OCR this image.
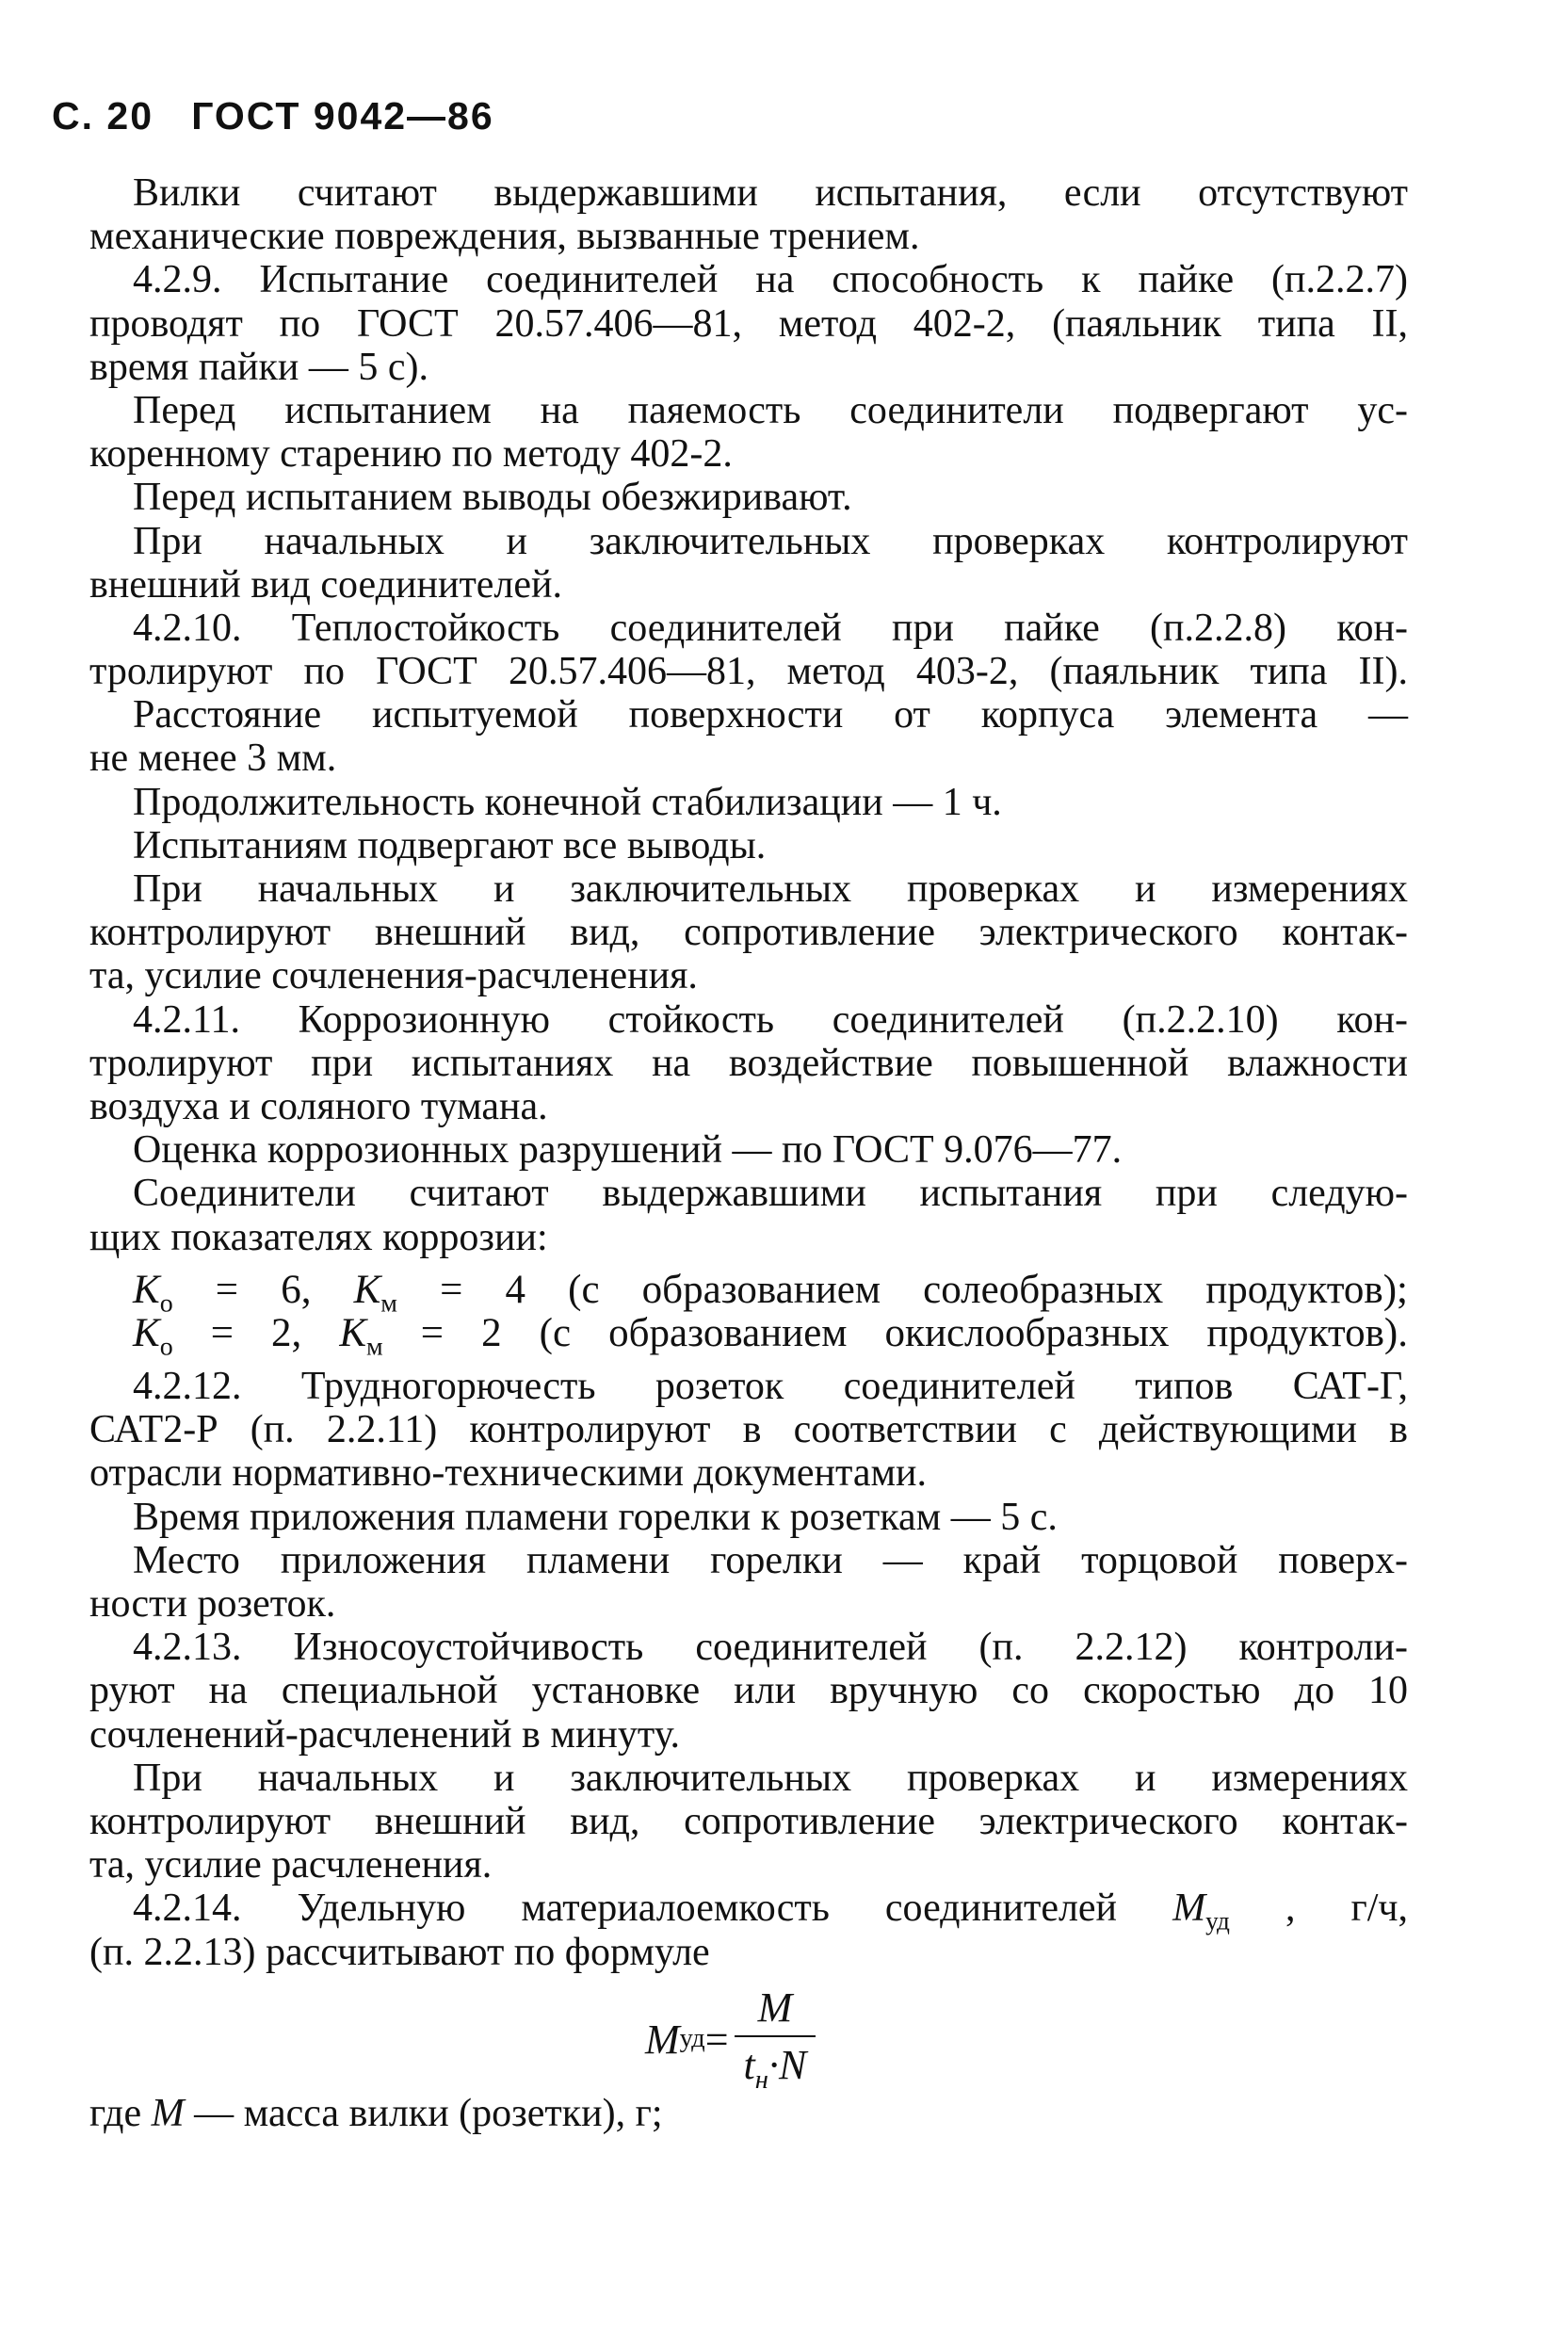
С. 20 ГОСТ 9042—86
Вилки считают выдержавшими испытания, если отсутствуют
механические повреждения, вызванные трением.
4.2.9. Испытание соединителей на способность к пайке (п.2.2.7)
проводят по ГОСТ 20.57.406—81, метод 402-2, (паяльник типа II,
время пайки — 5 с).
Перед испытанием на паяемость соединители подвергают ус-
коренному старению по методу 402-2.
Перед испытанием выводы обезжиривают.
При начальных и заключительных проверках контролируют
внешний вид соединителей.
4.2.10. Теплостойкость соединителей при пайке (п.2.2.8) кон-
тролируют по ГОСТ 20.57.406—81, метод 403-2, (паяльник типа II).
Расстояние испытуемой поверхности от корпуса элемента —
не менее 3 мм.
Продолжительность конечной стабилизации — 1 ч.
Испытаниям подвергают все выводы.
При начальных и заключительных проверках и измерениях
контролируют внешний вид, сопротивление электрического контак-
та, усилие сочленения-расчленения.
4.2.11. Коррозионную стойкость соединителей (п.2.2.10) кон-
тролируют при испытаниях на воздействие повышенной влажности
воздуха и соляного тумана.
Оценка коррозионных разрушений — по ГОСТ 9.076—77.
Соединители считают выдержавшими испытания при следую-
щих показателях коррозии:
$K_о = 6$, $K_м = 4$ (с образованием солеобразных продуктов);
$K_о = 2$, $K_м = 2$ (с образованием окислообразных продуктов).
4.2.12. Трудногорючесть розеток соединителей типов САТ-Г,
САТ2-Р (п. 2.2.11) контролируют в соответствии с действующими в
отрасли нормативно-техническими документами.
Время приложения пламени горелки к розеткам — 5 с.
Место приложения пламени горелки — край торцовой поверх-
ности розеток.
4.2.13. Износоустойчивость соединителей (п. 2.2.12) контроли-
руют на специальной установке или вручную со скоростью до 10
сочленений-расчленений в минуту.
При начальных и заключительных проверках и измерениях
контролируют внешний вид, сопротивление электрического контак-
та, усилие расчленения.
4.2.14. Удельную материалоемкость соединителей $M_{уд}$ , г/ч,
(п. 2.2.13) рассчитывают по формуле
M уд = $\frac{M}{t_н\cdot N}$
где M — масса вилки (розетки), г;
